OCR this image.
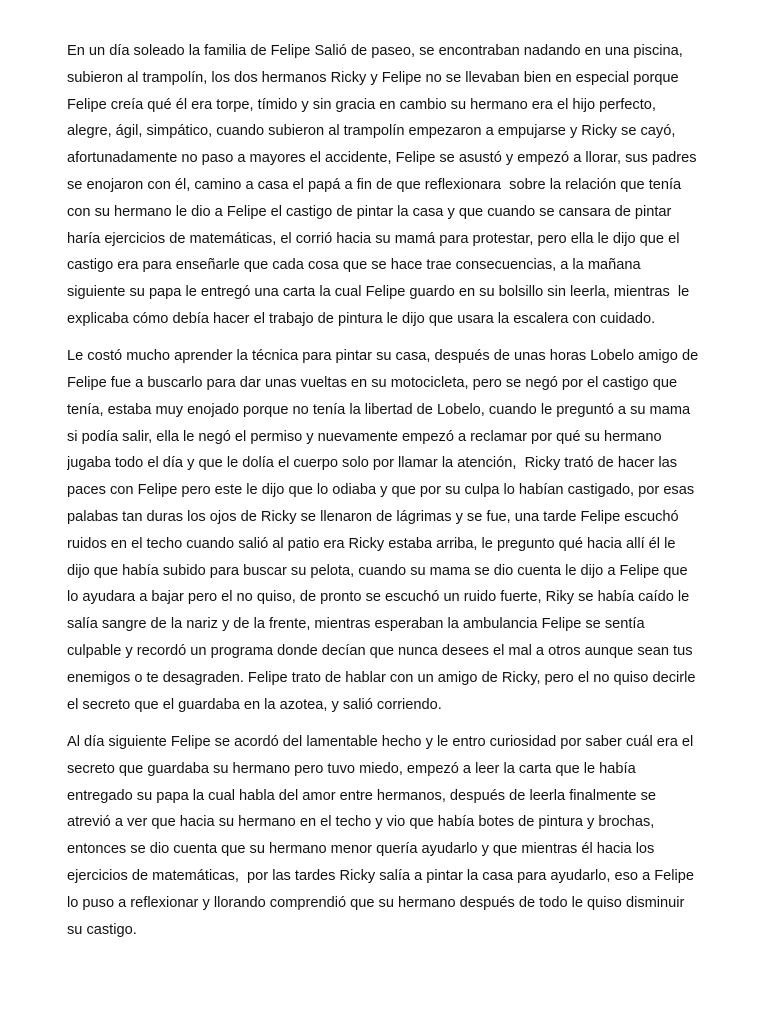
En un día soleado la familia de Felipe Salió de paseo, se encontraban nadando en una piscina,
subieron al trampolín, los dos hermanos Ricky y Felipe no se llevaban bien en especial porque
Felipe creía qué él era torpe, tímido y sin gracia en cambio su hermano era el hijo perfecto,
alegre, ágil, simpático, cuando subieron al trampolín empezaron a empujarse y Ricky se cayó,
afortunadamente no paso a mayores el accidente, Felipe se asustó y empezó a llorar, sus padres
se enojaron con él, camino a casa el papá a fin de que reflexionara  sobre la relación que tenía
con su hermano le dio a Felipe el castigo de pintar la casa y que cuando se cansara de pintar
haría ejercicios de matemáticas, el corrió hacia su mamá para protestar, pero ella le dijo que el
castigo era para enseñarle que cada cosa que se hace trae consecuencias, a la mañana
siguiente su papa le entregó una carta la cual Felipe guardo en su bolsillo sin leerla, mientras  le
explicaba cómo debía hacer el trabajo de pintura le dijo que usara la escalera con cuidado.
Le costó mucho aprender la técnica para pintar su casa, después de unas horas Lobelo amigo de
Felipe fue a buscarlo para dar unas vueltas en su motocicleta, pero se negó por el castigo que
tenía, estaba muy enojado porque no tenía la libertad de Lobelo, cuando le preguntó a su mama
si podía salir, ella le negó el permiso y nuevamente empezó a reclamar por qué su hermano
jugaba todo el día y que le dolía el cuerpo solo por llamar la atención,  Ricky trató de hacer las
paces con Felipe pero este le dijo que lo odiaba y que por su culpa lo habían castigado, por esas
palabas tan duras los ojos de Ricky se llenaron de lágrimas y se fue, una tarde Felipe escuchó
ruidos en el techo cuando salió al patio era Ricky estaba arriba, le pregunto qué hacia allí él le
dijo que había subido para buscar su pelota, cuando su mama se dio cuenta le dijo a Felipe que
lo ayudara a bajar pero el no quiso, de pronto se escuchó un ruido fuerte, Riky se había caído le
salía sangre de la nariz y de la frente, mientras esperaban la ambulancia Felipe se sentía
culpable y recordó un programa donde decían que nunca desees el mal a otros aunque sean tus
enemigos o te desagraden. Felipe trato de hablar con un amigo de Ricky, pero el no quiso decirle
el secreto que el guardaba en la azotea, y salió corriendo.
Al día siguiente Felipe se acordó del lamentable hecho y le entro curiosidad por saber cuál era el
secreto que guardaba su hermano pero tuvo miedo, empezó a leer la carta que le había
entregado su papa la cual habla del amor entre hermanos, después de leerla finalmente se
atrevió a ver que hacia su hermano en el techo y vio que había botes de pintura y brochas,
entonces se dio cuenta que su hermano menor quería ayudarlo y que mientras él hacia los
ejercicios de matemáticas,  por las tardes Ricky salía a pintar la casa para ayudarlo, eso a Felipe
lo puso a reflexionar y llorando comprendió que su hermano después de todo le quiso disminuir
su castigo.
